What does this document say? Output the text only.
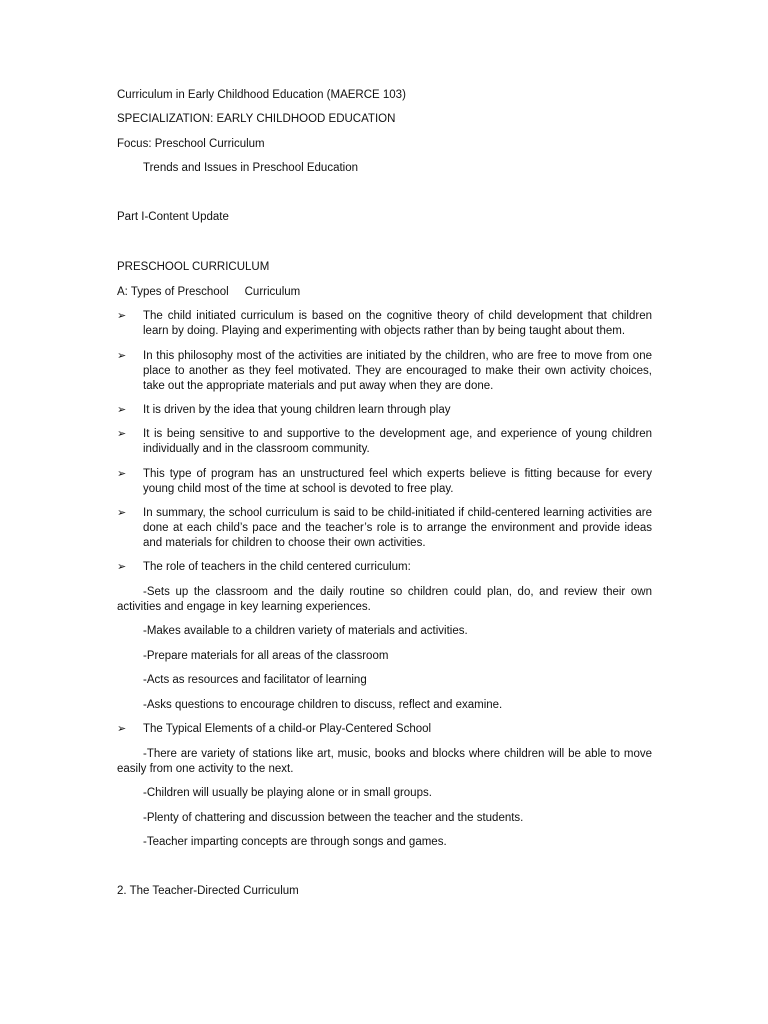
Curriculum in Early Childhood Education (MAERCE 103)
SPECIALIZATION: EARLY CHILDHOOD EDUCATION
Focus: Preschool Curriculum
Trends and Issues in Preschool Education
Part I-Content Update
PRESCHOOL CURRICULUM
A: Types of Preschool     Curriculum
➢ The child initiated curriculum is based on the cognitive theory of child development that children learn by doing. Playing and experimenting with objects rather than by being taught about them.
➢ In this philosophy most of the activities are initiated by the children, who are free to move from one place to another as they feel motivated. They are encouraged to make their own activity choices, take out the appropriate materials and put away when they are done.
➢ It is driven by the idea that young children learn through play
➢ It is being sensitive to and supportive to the development age, and experience of young children individually and in the classroom community.
➢ This type of program has an unstructured feel which experts believe is fitting because for every young child most of the time at school is devoted to free play.
➢ In summary, the school curriculum is said to be child-initiated if child-centered learning activities are done at each child’s pace and the teacher’s role is to arrange the environment and provide ideas and materials for children to choose their own activities.
➢ The role of teachers in the child centered curriculum:
-Sets up the classroom and the daily routine so children could plan, do, and review their own activities and engage in key learning experiences.
-Makes available to a children variety of materials and activities.
-Prepare materials for all areas of the classroom
-Acts as resources and facilitator of learning
-Asks questions to encourage children to discuss, reflect and examine.
➢ The Typical Elements of a child-or Play-Centered School
-There are variety of stations like art, music, books and blocks where children will be able to move easily from one activity to the next.
-Children will usually be playing alone or in small groups.
-Plenty of chattering and discussion between the teacher and the students.
-Teacher imparting concepts are through songs and games.
2. The Teacher-Directed Curriculum
